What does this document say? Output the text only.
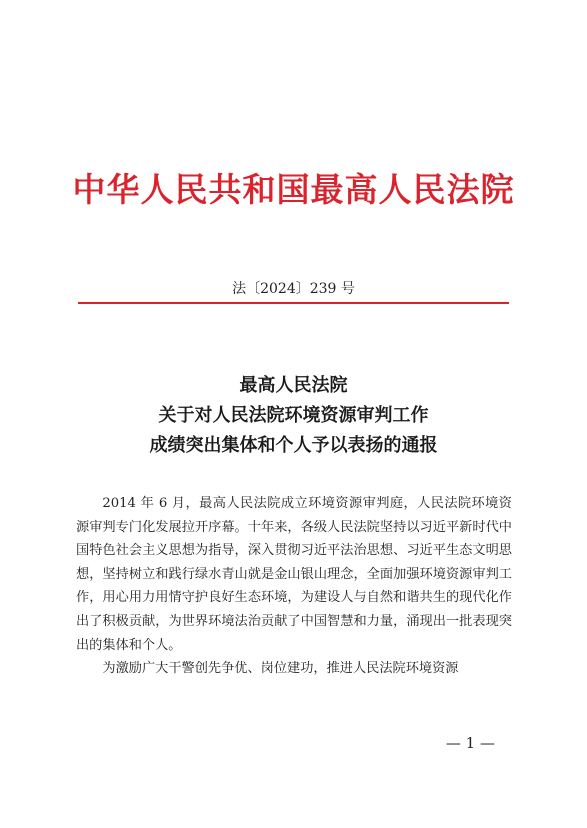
中华人民共和国最高人民法院
法〔2024〕239 号
最高人民法院
关于对人民法院环境资源审判工作
成绩突出集体和个人予以表扬的通报

2014 年 6 月，最高人民法院成立环境资源审判庭，人民法院环境资源审判专门化发展拉开序幕。十年来，各级人民法院坚持以习近平新时代中国特色社会主义思想为指导，深入贯彻习近平法治思想、习近平生态文明思想，坚持树立和践行绿水青山就是金山银山理念，全面加强环境资源审判工作，用心用力用情守护良好生态环境，为建设人与自然和谐共生的现代化作出了积极贡献，为世界环境法治贡献了中国智慧和力量，涌现出一批表现突出的集体和个人。

为激励广大干警创先争优、岗位建功，推进人民法院环境资源

— 1 —
